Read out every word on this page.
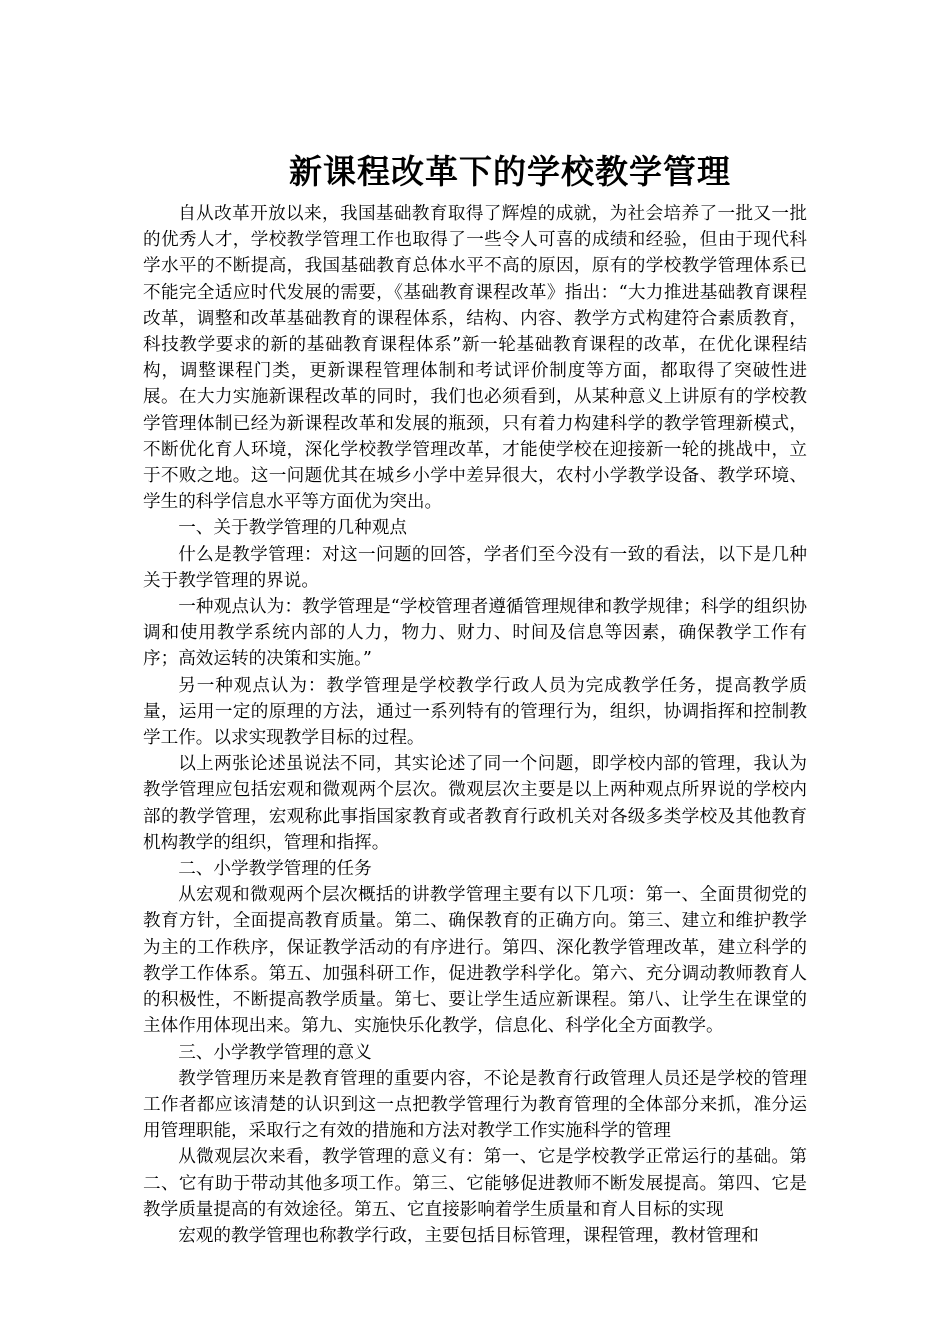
新课程改革下的学校教学管理

自从改革开放以来，我国基础教育取得了辉煌的成就，为社会培养了一批又一批的优秀人才，学校教学管理工作也取得了一些令人可喜的成绩和经验，但由于现代科学水平的不断提高，我国基础教育总体水平不高的原因，原有的学校教学管理体系已不能完全适应时代发展的需要，《基础教育课程改革》指出：“大力推进基础教育课程改革，调整和改革基础教育的课程体系，结构、内容、教学方式构建符合素质教育，科技教学要求的新的基础教育课程体系”新一轮基础教育课程的改革，在优化课程结构，调整课程门类，更新课程管理体制和考试评价制度等方面，都取得了突破性进展。在大力实施新课程改革的同时，我们也必须看到，从某种意义上讲原有的学校教学管理体制已经为新课程改革和发展的瓶颈，只有着力构建科学的教学管理新模式，不断优化育人环境，深化学校教学管理改革，才能使学校在迎接新一轮的挑战中，立于不败之地。这一问题优其在城乡小学中差异很大，农村小学教学设备、教学环境、学生的科学信息水平等方面优为突出。

一、关于教学管理的几种观点

什么是教学管理：对这一问题的回答，学者们至今没有一致的看法，以下是几种关于教学管理的界说。

一种观点认为：教学管理是“学校管理者遵循管理规律和教学规律；科学的组织协调和使用教学系统内部的人力，物力、财力、时间及信息等因素，确保教学工作有序；高效运转的决策和实施。”

另一种观点认为：教学管理是学校教学行政人员为完成教学任务，提高教学质量，运用一定的原理的方法，通过一系列特有的管理行为，组织，协调指挥和控制教学工作。以求实现教学目标的过程。

以上两张论述虽说法不同，其实论述了同一个问题，即学校内部的管理，我认为教学管理应包括宏观和微观两个层次。微观层次主要是以上两种观点所界说的学校内部的教学管理，宏观称此事指国家教育或者教育行政机关对各级多类学校及其他教育机构教学的组织，管理和指挥。

二、小学教学管理的任务

从宏观和微观两个层次概括的讲教学管理主要有以下几项：第一、全面贯彻党的教育方针，全面提高教育质量。第二、确保教育的正确方向。第三、建立和维护教学为主的工作秩序，保证教学活动的有序进行。第四、深化教学管理改革，建立科学的教学工作体系。第五、加强科研工作，促进教学科学化。第六、充分调动教师教育人的积极性，不断提高教学质量。第七、要让学生适应新课程。第八、让学生在课堂的主体作用体现出来。第九、实施快乐化教学，信息化、科学化全方面教学。

三、小学教学管理的意义

教学管理历来是教育管理的重要内容，不论是教育行政管理人员还是学校的管理工作者都应该清楚的认识到这一点把教学管理行为教育管理的全体部分来抓，准分运用管理职能，采取行之有效的措施和方法对教学工作实施科学的管理

从微观层次来看，教学管理的意义有：第一、它是学校教学正常运行的基础。第二、它有助于带动其他多项工作。第三、它能够促进教师不断发展提高。第四、它是教学质量提高的有效途径。第五、它直接影响着学生质量和育人目标的实现

宏观的教学管理也称教学行政，主要包括目标管理，课程管理，教材管理和
